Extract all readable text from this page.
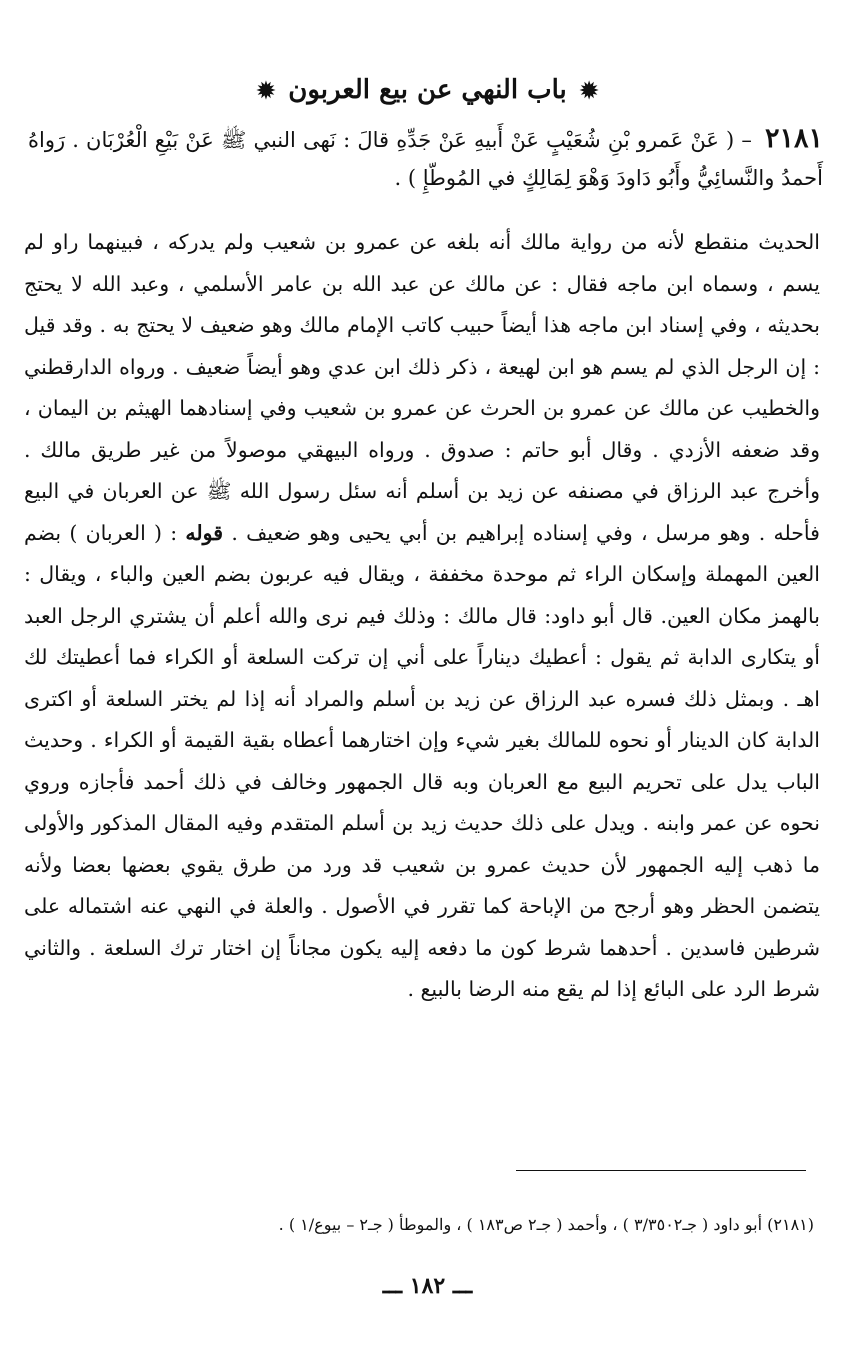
✹ باب النهي عن بيع العربون ✹
٢١٨١ – ( عَنْ عَمرو بْنِ شُعَيْبٍ عَنْ أَبيهِ عَنْ جَدِّهِ قالَ : نَهى النبي ﷺ عَنْ بَيْعِ الْعُرْبَان . رَواهُ أَحمدُ والنَّسائِيُّ وأَبُو دَاودَ وَهْوَ لِمَالِكٍ في المُوطّإِ ) .
الحديث منقطع لأنه من رواية مالك أنه بلغه عن عمرو بن شعيب ولم يدركه ، فبينهما راو لم يسم ، وسماه ابن ماجه فقال : عن مالك عن عبد الله بن عامر الأسلمي ، وعبد الله لا يحتج بحديثه ، وفي إسناد ابن ماجه هذا أيضاً حبيب كاتب الإمام مالك وهو ضعيف لا يحتج به . وقد قيل : إن الرجل الذي لم يسم هو ابن لهيعة ، ذكر ذلك ابن عدي وهو أيضاً ضعيف . ورواه الدارقطني والخطيب عن مالك عن عمرو بن الحرث عن عمرو بن شعيب وفي إسنادهما الهيثم بن اليمان ، وقد ضعفه الأزدي . وقال أبو حاتم : صدوق . ورواه البيهقي موصولاً من غير طريق مالك . وأخرج عبد الرزاق في مصنفه عن زيد بن أسلم أنه سئل رسول الله ﷺ عن العربان في البيع فأحله . وهو مرسل ، وفي إسناده إبراهيم بن أبي يحيى وهو ضعيف . قوله : ( العربان ) بضم العين المهملة وإسكان الراء ثم موحدة مخففة ، ويقال فيه عربون بضم العين والباء ، ويقال : بالهمز مكان العين. قال أبو داود: قال مالك : وذلك فيم نرى والله أعلم أن يشتري الرجل العبد أو يتكارى الدابة ثم يقول : أعطيك ديناراً على أني إن تركت السلعة أو الكراء فما أعطيتك لك اهـ . وبمثل ذلك فسره عبد الرزاق عن زيد بن أسلم والمراد أنه إذا لم يختر السلعة أو اكترى الدابة كان الدينار أو نحوه للمالك بغير شيء وإن اختارهما أعطاه بقية القيمة أو الكراء . وحديث الباب يدل على تحريم البيع مع العربان وبه قال الجمهور وخالف في ذلك أحمد فأجازه وروي نحوه عن عمر وابنه . ويدل على ذلك حديث زيد بن أسلم المتقدم وفيه المقال المذكور والأولى ما ذهب إليه الجمهور لأن حديث عمرو بن شعيب قد ورد من طرق يقوي بعضها بعضا ولأنه يتضمن الحظر وهو أرجح من الإباحة كما تقرر في الأصول . والعلة في النهي عنه اشتماله على شرطين فاسدين . أحدهما شرط كون ما دفعه إليه يكون مجاناً إن اختار ترك السلعة . والثاني شرط الرد على البائع إذا لم يقع منه الرضا بالبيع .
(٢١٨١) أبو داود ( جـ٣/٣٥٠٢ ) ، وأحمد ( جـ٢ ص١٨٣ ) ، والموطأ ( جـ٢ – بيوع/١ ) .
ـــ ١٨٢ ـــ
